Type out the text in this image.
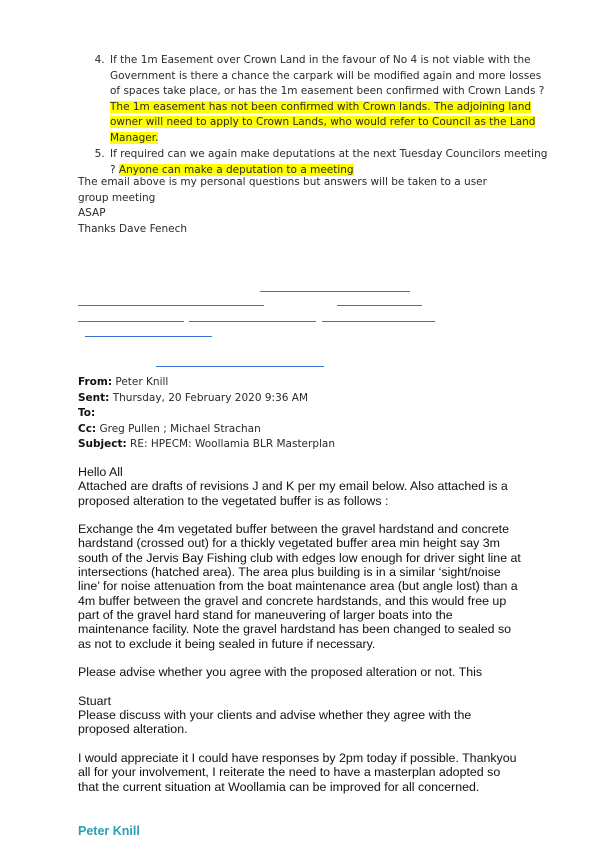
4. If the 1m Easement over Crown Land in the favour of No 4 is not viable with the Government is there a chance the carpark will be modified again and more losses of spaces take place, or has the 1m easement been confirmed with Crown Lands ? The 1m easement has not been confirmed with Crown lands. The adjoining land owner will need to apply to Crown Lands, who would refer to Council as the Land Manager.
5. If required can we again make deputations at the next Tuesday Councilors meeting ? Anyone can make a deputation to a meeting
The email above is my personal questions but answers will be taken to a user group meeting
ASAP
Thanks Dave Fenech
From: Peter Knill
Sent: Thursday, 20 February 2020 9:36 AM
To:
Cc: Greg Pullen ; Michael Strachan
Subject: RE: HPECM: Woollamia BLR Masterplan
Hello All

Attached are drafts of revisions J and K per my email below. Also attached is a proposed alteration to the vegetated buffer is as follows :

Exchange the 4m vegetated buffer between the gravel hardstand and concrete hardstand (crossed out) for a thickly vegetated buffer area min height say 3m south of the Jervis Bay Fishing club with edges low enough for driver sight line at intersections (hatched area). The area plus building is in a similar ‘sight/noise line’ for noise attenuation from the boat maintenance area (but angle lost) than a 4m buffer between the gravel and concrete hardstands, and this would free up part of the gravel hard stand for maneuvering of larger boats into the maintenance facility. Note the gravel hardstand has been changed to sealed so as not to exclude it being sealed in future if necessary.

Please advise whether you agree with the proposed alteration or not. This

Stuart

Please discuss with your clients and advise whether they agree with the proposed alteration.

I would appreciate it I could have responses by 2pm today if possible. Thankyou all for your involvement, I reiterate the need to have a masterplan adopted so that the current situation at Woollamia can be improved for all concerned.

Peter Knill
